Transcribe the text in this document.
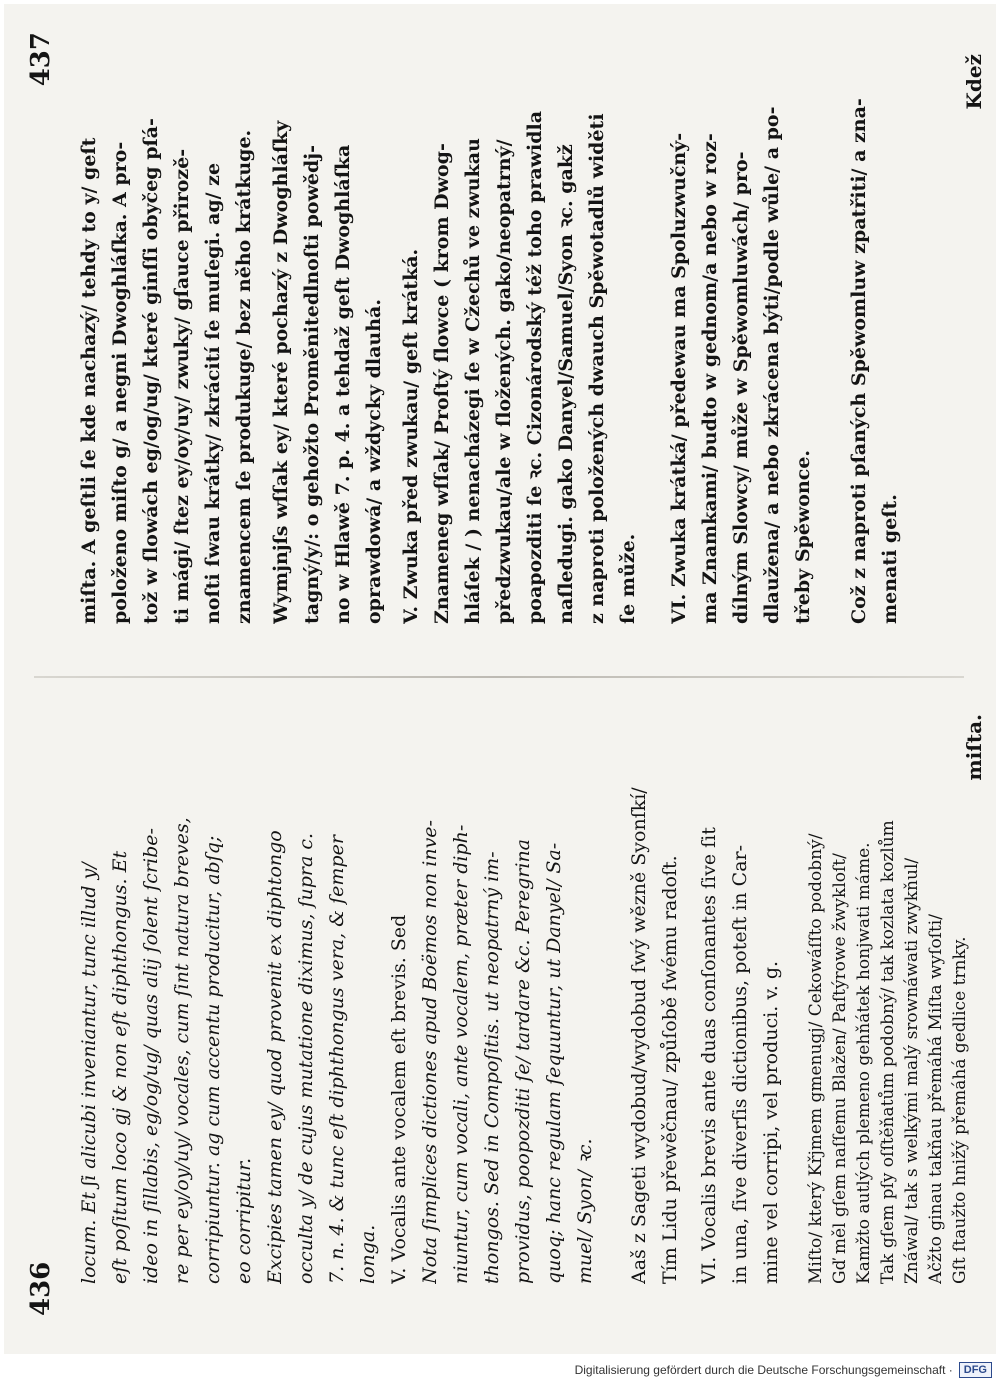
436
locum. Et ʃi alicubi inveniantur, tunc illud y/ eſt poſitum loco gj & non eſt diphthongus. Et ideo in ſillabis, eg/og/ug/ quas alij ſolent ſcribe- re per ey/oy/uy/ vocales, cum ſint natura breves, corripiuntur. ag cum accentu producitur, abſq; eo corripitur. Excipies tamen ey/ quod provenit ex diphtongo occulta y/ de cujus mutatione diximus, ſupra c. 7. n. 4. & tunc eſt diphthongus vera, & ſemper longa. V. Vocalis ante vocalem eſt brevis. Sed Nota ſimplices dictiones apud Boëmos non inve- niuntur, cum vocali, ante vocalem, præter diph- thongos. Sed in Compoſitis. ut neopatrný im- providus, poopozditi ſe/ tardare &c. Peregrina quoq; hanc regulam ſequuntur, ut Danyel/ Sa- muel/ Syon/ ꝛc. Aaš z Sageti wydobud/wydobud ſwý wězně Syonſkí/ Tím Lidu přewěčnau/ způſobě ſwému radoſt. VI. Vocalis brevis ante duas conſonantes ſive ſit in una, ſive diverſis dictionibus, poteſt in Car- mine vel corripi, vel produci. v. g. Miſto/ který Křjmem gmenugj/ Cekowáſſto podobný/ Gď měl gſem naſſemu Blažen/ Paſtýrowe žwykloſt/ Kamžto autlých plemeno gehňátek honjwati máme. Tak gſem pſy oſſtěňatům podobný/ tak kozlata kozlům Znáwal/ tak s welkými malý srownáwati zwykňul/ Ačžto ginau takňau přemáhá Miſta wyſoſti/ Gſt ſtaužto hnižý přemáhá gedlice trnky.
miſta.
437
miſta. A geſtli ſe kde nachazý/ tehdy to y/ geſt položeno miſto g/ a negni Dwoghláſka. A pro- tož w ſlowách eg/og/ug/ které ginſſi obyčeg pſá- ti mági/ ſtez ey/oy/uy/ zwuky/ gſauce přirozě- noſti ſwau krátky/ zkrácití ſe muſegi. ag/ ze znamencem ſe produkuge/ bez něho krátkuge. Wymjnjſs wſſak ey/ které pochazý z Dwoghláſky tagný/y/: o gehožto Proměnitedlnoſti powědj- no w Hlawě 7. p. 4. a tehdaž geſt Dwoghláſka oprawdowá/ a wždycky dlauhá. V. Zwuka před zwukau/ geſt krátká. Znameneg wſſak/ Proſtý ſlowce ( krom Dwog- hláſek / ) nenacházegi ſe w Cžechů ve zwukau předzwukau/ale w ſložených. gako/neopatrný/ poapozditi ſe ꝛc. Cizonárodský též toho prawidla naſledugi. gako Danyel/Samuel/Syon ꝛc. gakž z naproti položených dwauch Spěwotadlů widěti ſe může. VI. Zwuka krátká/ předewau ma Spoluzwučný- ma Znamkami/ budto w gednom/a nebo w roz- dílným Slowcy/ může w Spěwomluwách/ pro- dlaužena/ a nebo zkrácena býti/podle wůle/ a po- třeby Spěwonce. Což z naproti pſaných Spěwomluw zpatřiti/ a zna- menati geſt.
Kdež
Digitalisierung gefördert durch die Deutsche Forschungsgemeinschaft ·	DFG
